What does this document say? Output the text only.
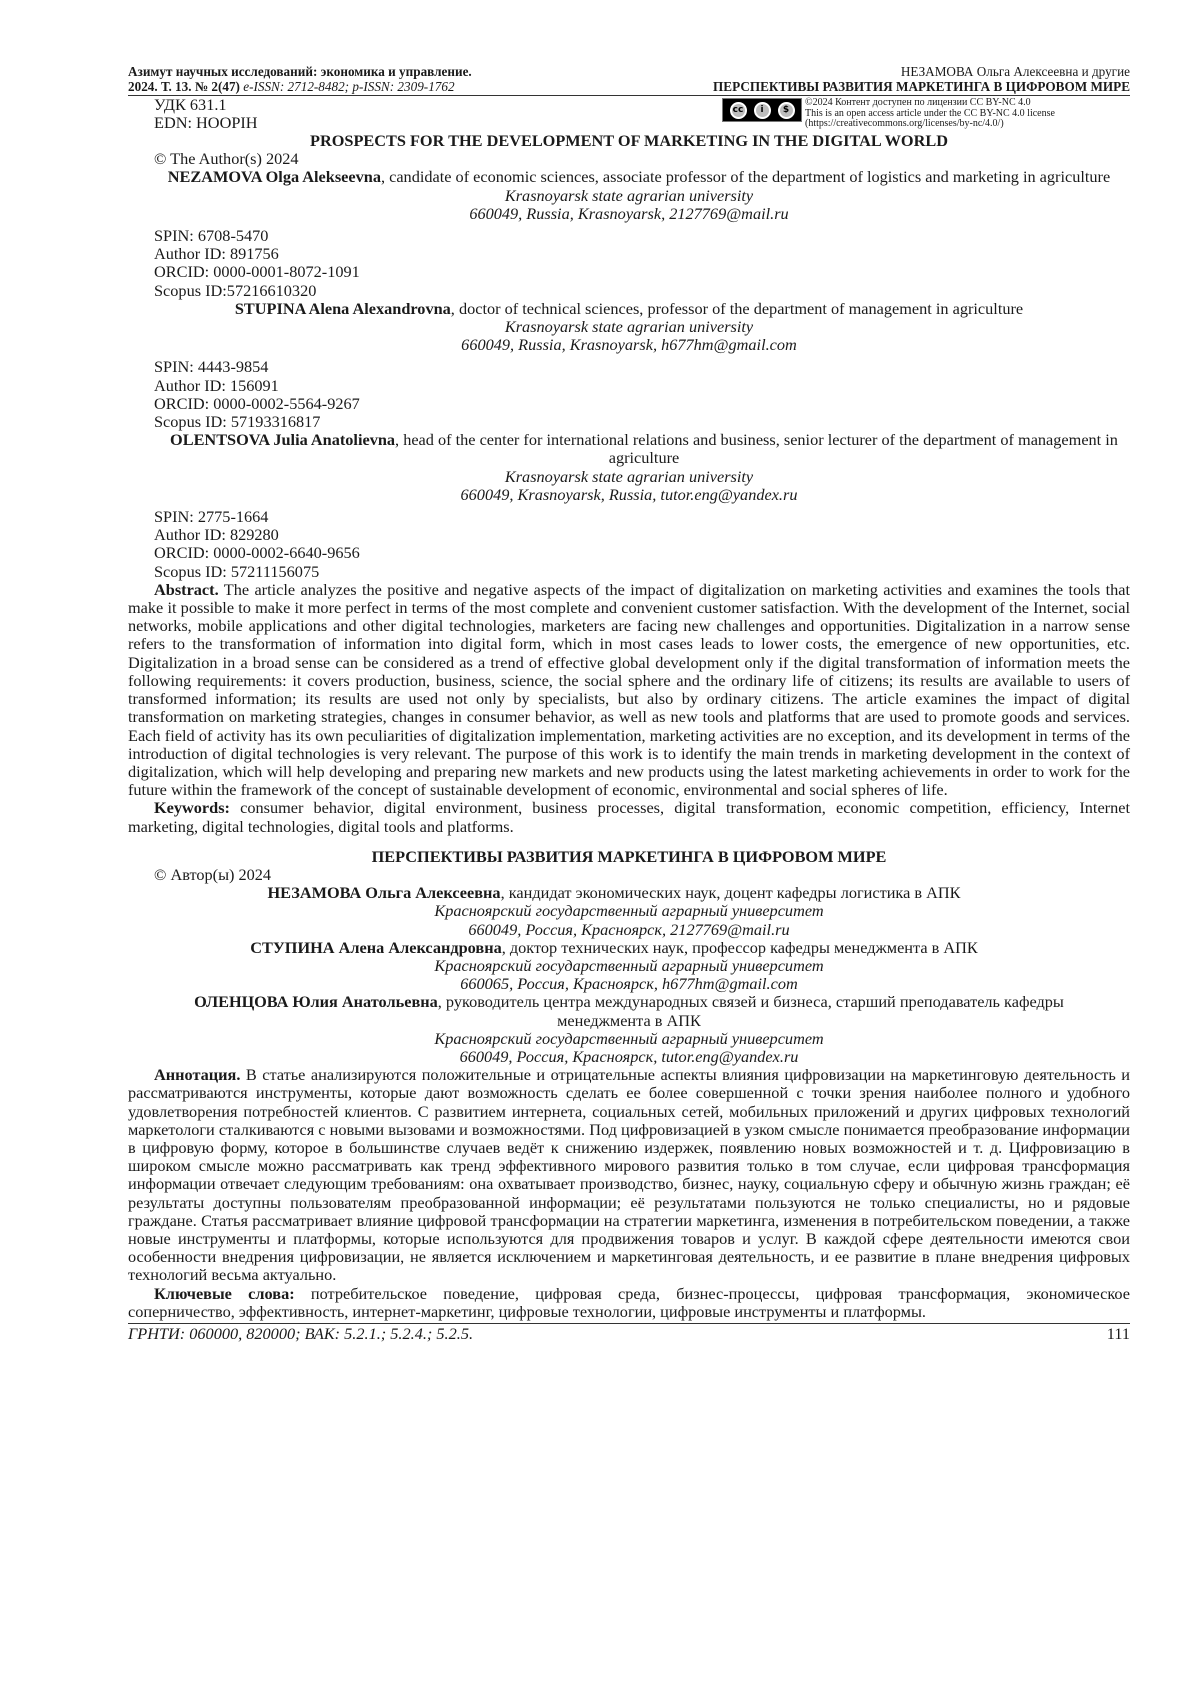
Азимут научных исследований: экономика и управление.
2024. Т. 13. № 2(47) e-ISSN: 2712-8482; p-ISSN: 2309-1762
НЕЗАМОВА Ольга Алексеевна и другие
ПЕРСПЕКТИВЫ РАЗВИТИЯ МАРКЕТИНГА В ЦИФРОВОМ МИРЕ
УДК 631.1
EDN: HOOPIH
cc	i	$
©2024 Контент доступен по лицензии CC BY-NC 4.0
This is an open access article under the CC BY-NC 4.0 license
(https://creativecommons.org/licenses/by-nc/4.0/)
PROSPECTS FOR THE DEVELOPMENT OF MARKETING IN THE DIGITAL WORLD
© The Author(s) 2024
NEZAMOVA Olga Alekseevna, candidate of economic sciences, associate professor of the department of logistics and marketing in agriculture
Krasnoyarsk state agrarian university
660049, Russia, Krasnoyarsk, 2127769@mail.ru
SPIN: 6708-5470
Author ID: 891756
ORCID: 0000-0001-8072-1091
Scopus ID:57216610320
STUPINA Alena Alexandrovna, doctor of technical sciences, professor of the department of management in agriculture
Krasnoyarsk state agrarian university
660049, Russia, Krasnoyarsk, h677hm@gmail.com
SPIN: 4443-9854
Author ID: 156091
ORCID: 0000-0002-5564-9267
Scopus ID: 57193316817
OLENTSOVA Julia Anatolievna, head of the center for international relations and business, senior lecturer of the department of management in agriculture
Krasnoyarsk state agrarian university
660049, Krasnoyarsk, Russia, tutor.eng@yandex.ru
SPIN: 2775-1664
Author ID: 829280
ORCID: 0000-0002-6640-9656
Scopus ID: 57211156075
Abstract. The article analyzes the positive and negative aspects of the impact of digitalization on marketing activities and examines the tools that make it possible to make it more perfect in terms of the most complete and convenient customer satisfaction. With the development of the Internet, social networks, mobile applications and other digital technologies, marketers are facing new challenges and opportunities. Digitalization in a narrow sense refers to the transformation of information into digital form, which in most cases leads to lower costs, the emergence of new opportunities, etc. Digitalization in a broad sense can be considered as a trend of effective global development only if the digital transformation of information meets the following requirements: it covers production, business, science, the social sphere and the ordinary life of citizens; its results are available to users of transformed information; its results are used not only by specialists, but also by ordinary citizens. The article examines the impact of digital transformation on marketing strategies, changes in consumer behavior, as well as new tools and platforms that are used to promote goods and services. Each field of activity has its own peculiarities of digitalization implementation, marketing activities are no exception, and its development in terms of the introduction of digital technologies is very relevant. The purpose of this work is to identify the main trends in marketing development in the context of digitalization, which will help developing and preparing new markets and new products using the latest marketing achievements in order to work for the future within the framework of the concept of sustainable development of economic, environmental and social spheres of life.
Keywords: consumer behavior, digital environment, business processes, digital transformation, economic competition, efficiency, Internet marketing, digital technologies, digital tools and platforms.
ПЕРСПЕКТИВЫ РАЗВИТИЯ МАРКЕТИНГА В ЦИФРОВОМ МИРЕ
© Автор(ы) 2024
НЕЗАМОВА Ольга Алексеевна, кандидат экономических наук, доцент кафедры логистика в АПК
Красноярский государственный аграрный университет
660049, Россия, Красноярск, 2127769@mail.ru
СТУПИНА Алена Александровна, доктор технических наук, профессор кафедры менеджмента в АПК
Красноярский государственный аграрный университет
660065, Россия, Красноярск, h677hm@gmail.com
ОЛЕНЦОВА Юлия Анатольевна, руководитель центра международных связей и бизнеса, старший преподаватель кафедры менеджмента в АПК
Красноярский государственный аграрный университет
660049, Россия, Красноярск, tutor.eng@yandex.ru
Аннотация. В статье анализируются положительные и отрицательные аспекты влияния цифровизации на маркетинговую деятельность и рассматриваются инструменты, которые дают возможность сделать ее более совершенной с точки зрения наиболее полного и удобного удовлетворения потребностей клиентов. С развитием интернета, социальных сетей, мобильных приложений и других цифровых технологий маркетологи сталкиваются с новыми вызовами и возможностями. Под цифровизацией в узком смысле понимается преобразование информации в цифровую форму, которое в большинстве случаев ведёт к снижению издержек, появлению новых возможностей и т. д. Цифровизацию в широком смысле можно рассматривать как тренд эффективного мирового развития только в том случае, если цифровая трансформация информации отвечает следующим требованиям: она охватывает производство, бизнес, науку, социальную сферу и обычную жизнь граждан; её результаты доступны пользователям преобразованной информации; её результатами пользуются не только специалисты, но и рядовые граждане. Статья рассматривает влияние цифровой трансформации на стратегии маркетинга, изменения в потребительском поведении, а также новые инструменты и платформы, которые используются для продвижения товаров и услуг. В каждой сфере деятельности имеются свои особенности внедрения цифровизации, не является исключением и маркетинговая деятельность, и ее развитие в плане внедрения цифровых технологий весьма актуально.
Ключевые слова: потребительское поведение, цифровая среда, бизнес-процессы, цифровая трансформация, экономическое соперничество, эффективность, интернет-маркетинг, цифровые технологии, цифровые инструменты и платформы.
ГРНТИ: 060000, 820000; ВАК: 5.2.1.; 5.2.4.; 5.2.5.	111
